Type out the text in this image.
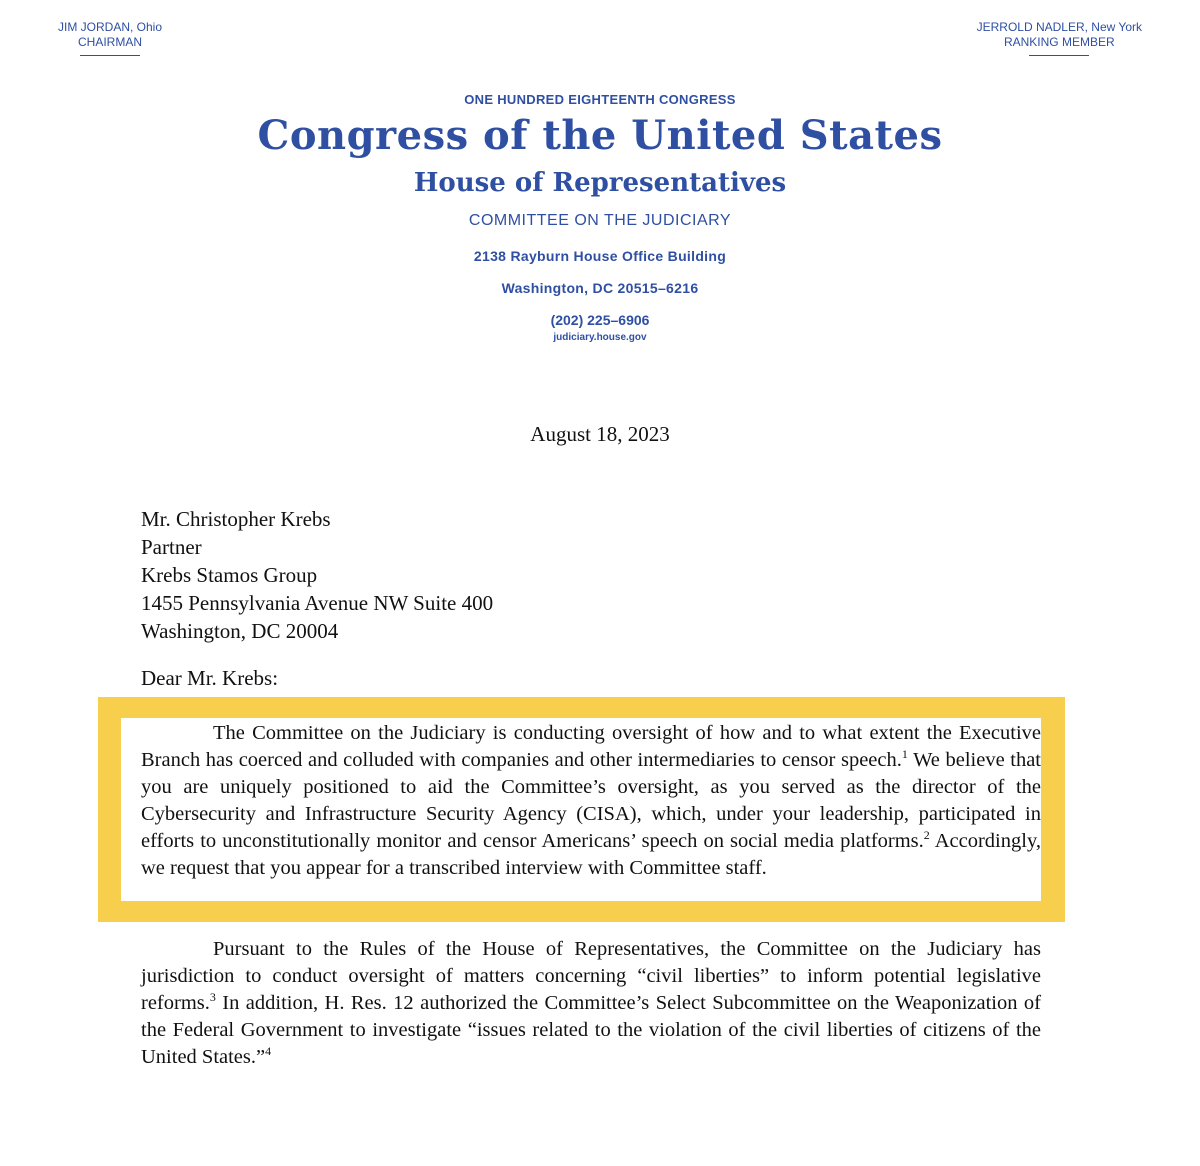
JIM JORDAN, Ohio
CHAIRMAN
JERROLD NADLER, New York
RANKING MEMBER
ONE HUNDRED EIGHTEENTH CONGRESS
Congress of the United States
House of Representatives
COMMITTEE ON THE JUDICIARY
2138 Rayburn House Office Building
Washington, DC 20515–6216
(202) 225–6906
judiciary.house.gov
August 18, 2023
Mr. Christopher Krebs
Partner
Krebs Stamos Group
1455 Pennsylvania Avenue NW Suite 400
Washington, DC 20004
Dear Mr. Krebs:
The Committee on the Judiciary is conducting oversight of how and to what extent the Executive Branch has coerced and colluded with companies and other intermediaries to censor speech.$^1$ We believe that you are uniquely positioned to aid the Committee’s oversight, as you served as the director of the Cybersecurity and Infrastructure Security Agency (CISA), which, under your leadership, participated in efforts to unconstitutionally monitor and censor Americans’ speech on social media platforms.$^2$ Accordingly, we request that you appear for a transcribed interview with Committee staff.
Pursuant to the Rules of the House of Representatives, the Committee on the Judiciary has jurisdiction to conduct oversight of matters concerning “civil liberties” to inform potential legislative reforms.$^3$ In addition, H. Res. 12 authorized the Committee’s Select Subcommittee on the Weaponization of the Federal Government to investigate “issues related to the violation of the civil liberties of citizens of the United States.”$^4$
